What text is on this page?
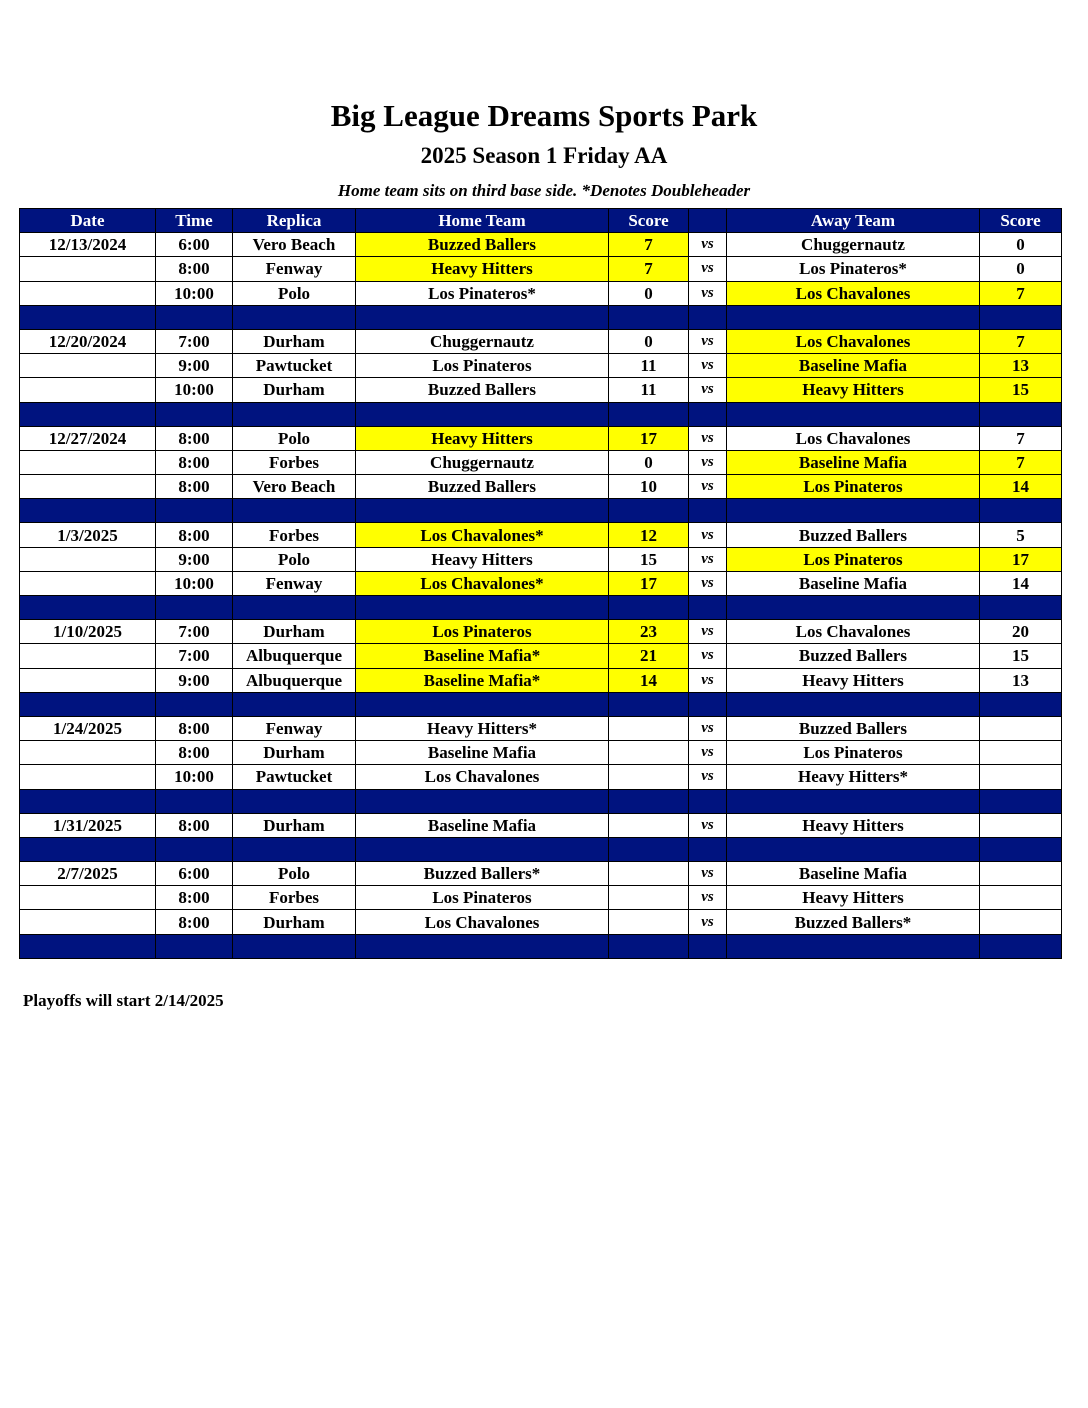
Big League Dreams Sports Park
2025 Season 1 Friday AA
Home team sits on third base side. *Denotes Doubleheader
Date	Time	Replica	Home Team	Score		Away Team	Score
12/13/2024	6:00	Vero Beach	Buzzed Ballers	7	vs	Chuggernautz	0
	8:00	Fenway	Heavy Hitters	7	vs	Los Pinateros*	0
	10:00	Polo	Los Pinateros*	0	vs	Los Chavalones	7

12/20/2024	7:00	Durham	Chuggernautz	0	vs	Los Chavalones	7
	9:00	Pawtucket	Los Pinateros	11	vs	Baseline Mafia	13
	10:00	Durham	Buzzed Ballers	11	vs	Heavy Hitters	15

12/27/2024	8:00	Polo	Heavy Hitters	17	vs	Los Chavalones	7
	8:00	Forbes	Chuggernautz	0	vs	Baseline Mafia	7
	8:00	Vero Beach	Buzzed Ballers	10	vs	Los Pinateros	14

1/3/2025	8:00	Forbes	Los Chavalones*	12	vs	Buzzed Ballers	5
	9:00	Polo	Heavy Hitters	15	vs	Los Pinateros	17
	10:00	Fenway	Los Chavalones*	17	vs	Baseline Mafia	14

1/10/2025	7:00	Durham	Los Pinateros	23	vs	Los Chavalones	20
	7:00	Albuquerque	Baseline Mafia*	21	vs	Buzzed Ballers	15
	9:00	Albuquerque	Baseline Mafia*	14	vs	Heavy Hitters	13

1/24/2025	8:00	Fenway	Heavy Hitters*		vs	Buzzed Ballers	
	8:00	Durham	Baseline Mafia		vs	Los Pinateros	
	10:00	Pawtucket	Los Chavalones		vs	Heavy Hitters*	

1/31/2025	8:00	Durham	Baseline Mafia		vs	Heavy Hitters	

2/7/2025	6:00	Polo	Buzzed Ballers*		vs	Baseline Mafia	
	8:00	Forbes	Los Pinateros		vs	Heavy Hitters	
	8:00	Durham	Los Chavalones		vs	Buzzed Ballers*	

Playoffs will start 2/14/2025
